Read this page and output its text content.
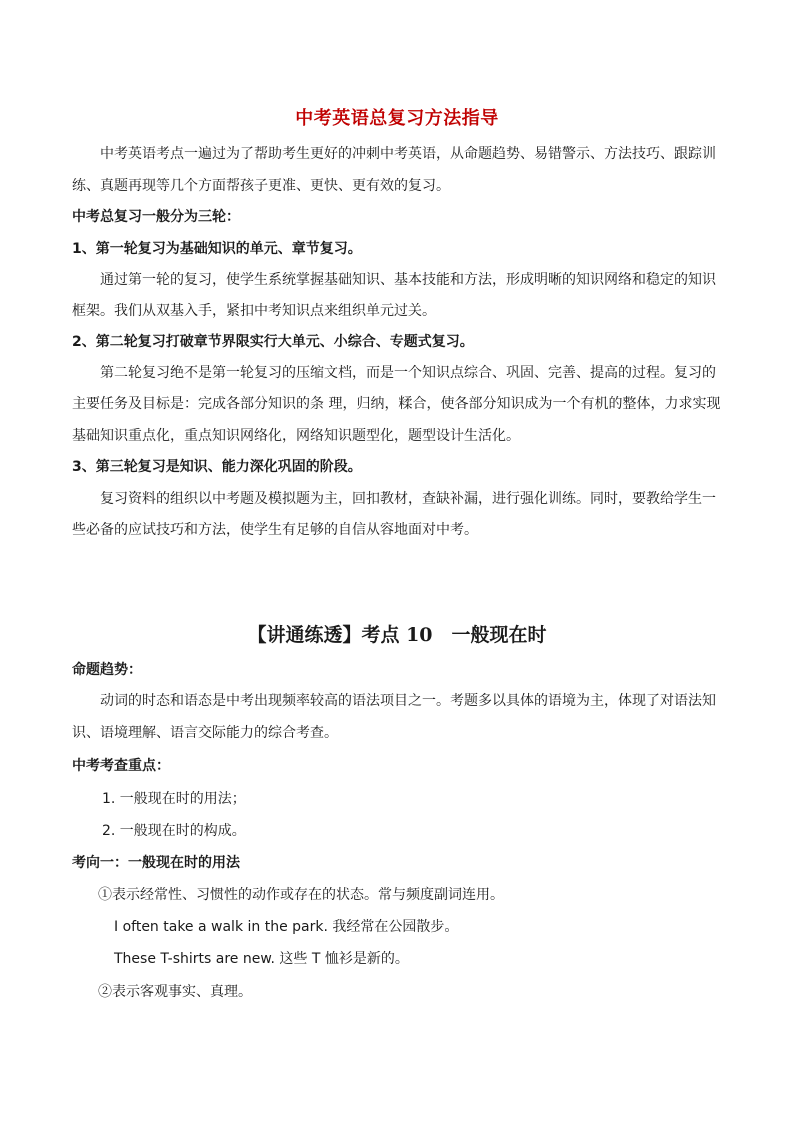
中考英语总复习方法指导
中考英语考点一遍过为了帮助考生更好的冲刺中考英语，从命题趋势、易错警示、方法技巧、跟踪训
练、真题再现等几个方面帮孩子更准、更快、更有效的复习。
中考总复习一般分为三轮：
1、第一轮复习为基础知识的单元、章节复习。
通过第一轮的复习，使学生系统掌握基础知识、基本技能和方法，形成明晰的知识网络和稳定的知识
框架。我们从双基入手，紧扣中考知识点来组织单元过关。
2、第二轮复习打破章节界限实行大单元、小综合、专题式复习。
第二轮复习绝不是第一轮复习的压缩文档，而是一个知识点综合、巩固、完善、提高的过程。复习的
主要任务及目标是：完成各部分知识的条 理，归纳，糅合，使各部分知识成为一个有机的整体，力求实现
基础知识重点化，重点知识网络化，网络知识题型化，题型设计生活化。
3、第三轮复习是知识、能力深化巩固的阶段。
复习资料的组织以中考题及模拟题为主，回扣教材，查缺补漏，进行强化训练。同时，要教给学生一
些必备的应试技巧和方法，使学生有足够的自信从容地面对中考。
【讲通练透】考点 10　一般现在时
命题趋势：
动词的时态和语态是中考出现频率较高的语法项目之一。考题多以具体的语境为主，体现了对语法知
识、语境理解、语言交际能力的综合考查。
中考考查重点：
1. 一般现在时的用法；
2. 一般现在时的构成。
考向一：一般现在时的用法
①表示经常性、习惯性的动作或存在的状态。常与频度副词连用。
I often take a walk in the park. 我经常在公园散步。
These T-shirts are new. 这些 T 恤衫是新的。
②表示客观事实、真理。
